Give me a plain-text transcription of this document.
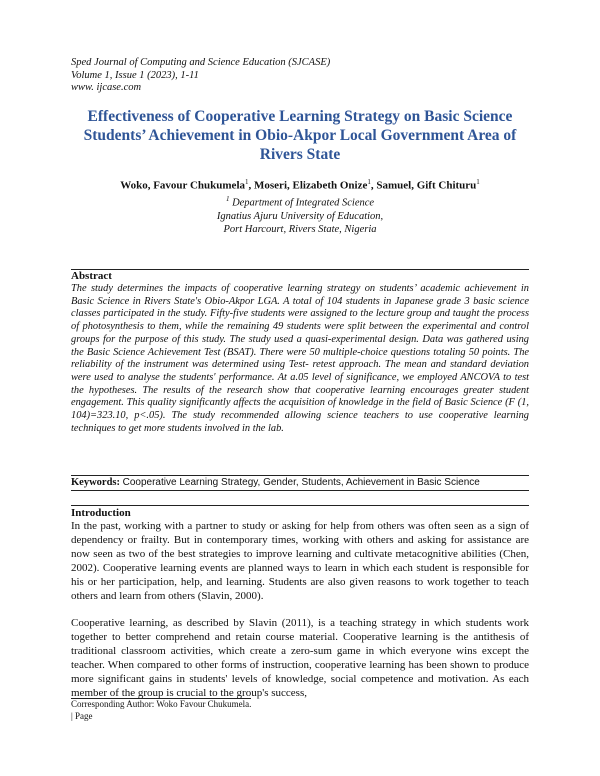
Sped Journal of Computing and Science Education (SJCASE)
Volume 1, Issue 1 (2023), 1-11
www. ijcase.com
Effectiveness of Cooperative Learning Strategy on Basic Science
Students’ Achievement in Obio-Akpor Local Government Area of
Rivers State
Woko, Favour Chukumela$^1$, Moseri, Elizabeth Onize$^1$, Samuel, Gift Chituru$^1$
$^1$ Department of Integrated Science
Ignatius Ajuru University of Education,
Port Harcourt, Rivers State, Nigeria
Abstract
The study determines the impacts of cooperative learning strategy on students’ academic achievement in Basic Science in Rivers State's Obio-Akpor LGA. A total of 104 students in Japanese grade 3 basic science classes participated in the study. Fifty-five students were assigned to the lecture group and taught the process of photosynthesis to them, while the remaining 49 students were split between the experimental and control groups for the purpose of this study. The study used a quasi-experimental design. Data was gathered using the Basic Science Achievement Test (BSAT). There were 50 multiple-choice questions totaling 50 points. The reliability of the instrument was determined using Test- retest approach. The mean and standard deviation were used to analyse the students' performance. At a.05 level of significance, we employed ANCOVA to test the hypotheses. The results of the research show that cooperative learning encourages greater student engagement. This quality significantly affects the acquisition of knowledge in the field of Basic Science (F (1, 104)=323.10, p<.05). The study recommended allowing science teachers to use cooperative learning techniques to get more students involved in the lab.
Keywords: Cooperative Learning Strategy, Gender, Students, Achievement in Basic Science
Introduction
In the past, working with a partner to study or asking for help from others was often seen as a sign of dependency or frailty. But in contemporary times, working with others and asking for assistance are now seen as two of the best strategies to improve learning and cultivate metacognitive abilities (Chen, 2002). Cooperative learning events are planned ways to learn in which each student is responsible for his or her participation, help, and learning. Students are also given reasons to work together to teach others and learn from others (Slavin, 2000).
Cooperative learning, as described by Slavin (2011), is a teaching strategy in which students work together to better comprehend and retain course material. Cooperative learning is the antithesis of traditional classroom activities, which create a zero-sum game in which everyone wins except the teacher. When compared to other forms of instruction, cooperative learning has been shown to produce more significant gains in students' levels of knowledge, social competence and motivation. As each member of the group is crucial to the group's success,
Corresponding Author: Woko Favour Chukumela.
| Page
